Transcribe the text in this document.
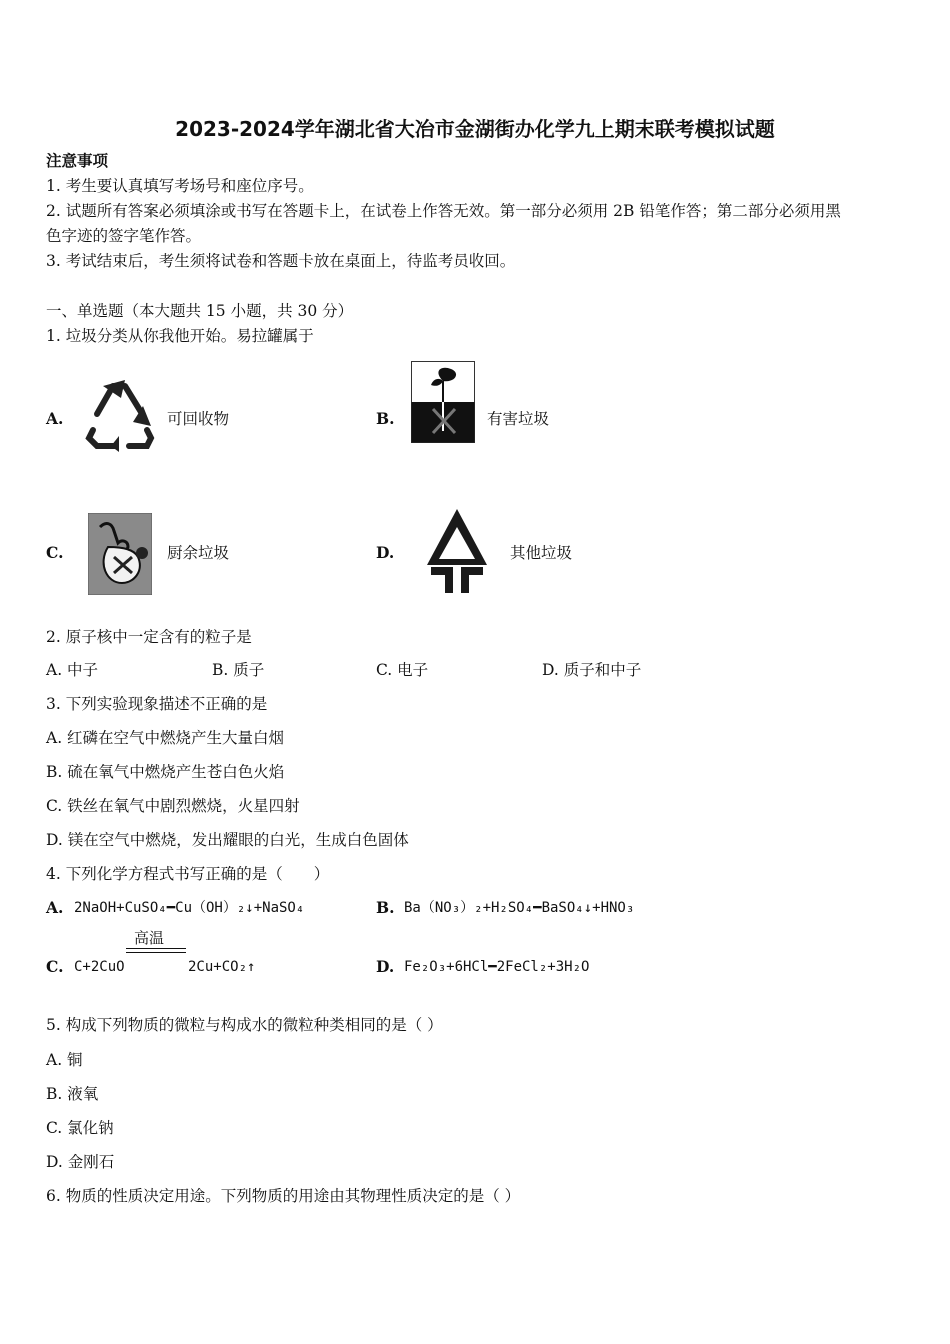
2023-2024学年湖北省大冶市金湖街办化学九上期末联考模拟试题
注意事项
1. 考生要认真填写考场号和座位序号。
2. 试题所有答案必须填涂或书写在答题卡上，在试卷上作答无效。第一部分必须用 2B 铅笔作答；第二部分必须用黑
色字迹的签字笔作答。
3. 考试结束后，考生须将试卷和答题卡放在桌面上，待监考员收回。
一、单选题（本大题共 15 小题，共 30 分）
1. 垃圾分类从你我他开始。易拉罐属于
A.	可回收物	B.	有害垃圾
C.	厨余垃圾	D.	其他垃圾
2. 原子核中一定含有的粒子是
A. 中子	B. 质子	C. 电子	D. 质子和中子
3. 下列实验现象描述不正确的是
A. 红磷在空气中燃烧产生大量白烟
B. 硫在氧气中燃烧产生苍白色火焰
C. 铁丝在氧气中剧烈燃烧，火星四射
D. 镁在空气中燃烧，发出耀眼的白光，生成白色固体
4. 下列化学方程式书写正确的是（　　）
A. 2NaOH+CuSO₄━Cu（OH）₂↓+NaSO₄	B. Ba（NO₃）₂+H₂SO₄━BaSO₄↓+HNO₃
C. C+2CuO
高温
2Cu+CO₂↑	D. Fe₂O₃+6HCl━2FeCl₂+3H₂O
5. 构成下列物质的微粒与构成水的微粒种类相同的是（ ）
A. 铜
B. 液氧
C. 氯化钠
D. 金刚石
6. 物质的性质决定用途。下列物质的用途由其物理性质决定的是（ ）
